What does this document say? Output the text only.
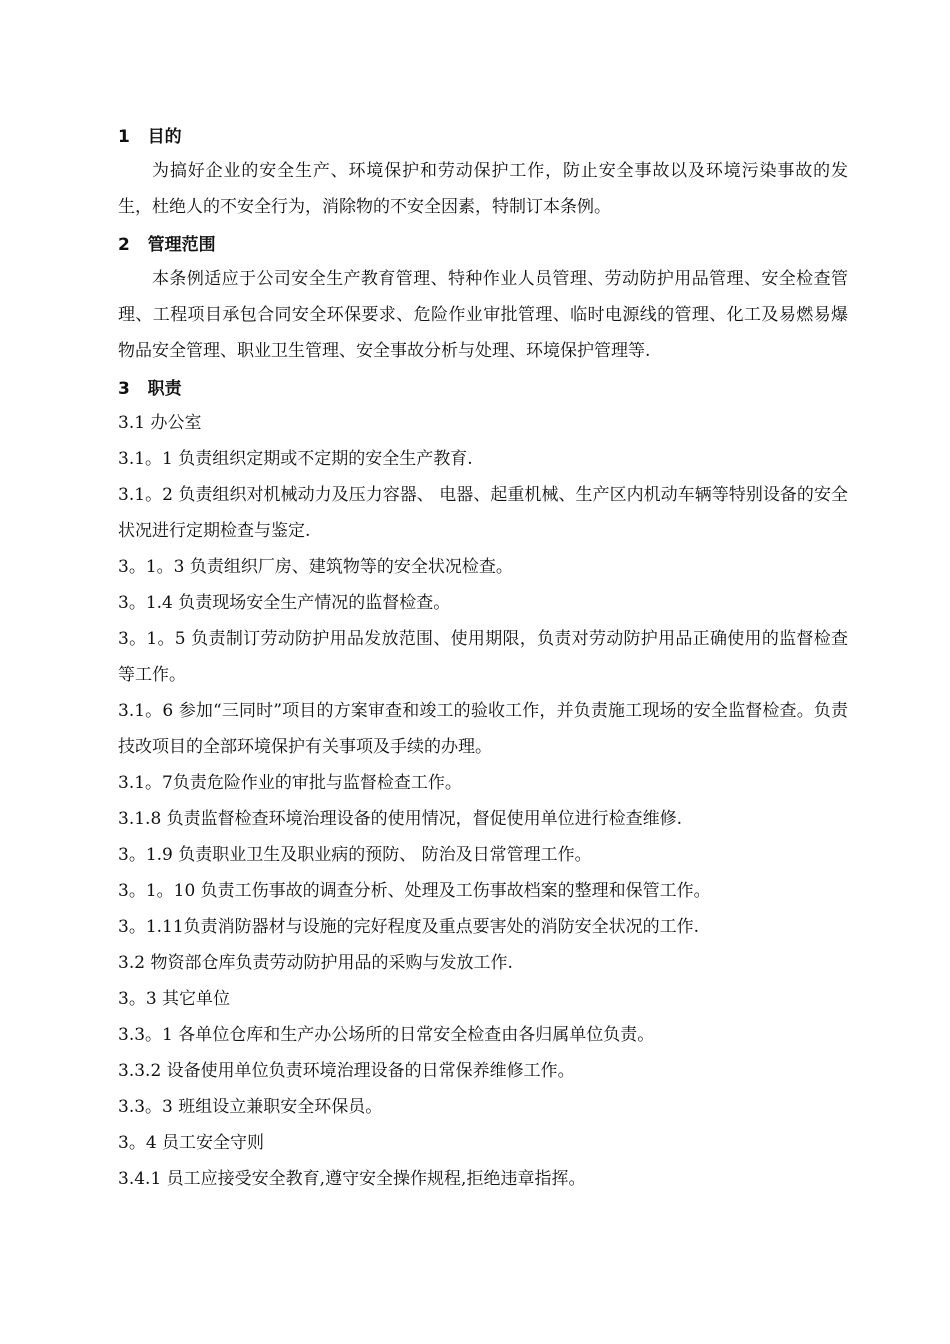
1   目的

为搞好企业的安全生产、环境保护和劳动保护工作，防止安全事故以及环境污染事故的发生，杜绝人的不安全行为，消除物的不安全因素，特制订本条例。

2   管理范围

本条例适应于公司安全生产教育管理、特种作业人员管理、劳动防护用品管理、安全检查管理、工程项目承包合同安全环保要求、危险作业审批管理、临时电源线的管理、化工及易燃易爆物品安全管理、职业卫生管理、安全事故分析与处理、环境保护管理等.

3   职责

3.1 办公室

3.1。1 负责组织定期或不定期的安全生产教育.

3.1。2 负责组织对机械动力及压力容器、 电器、起重机械、生产区内机动车辆等特别设备的安全状况进行定期检查与鉴定.

3。1。3 负责组织厂房、建筑物等的安全状况检查。

3。1.4 负责现场安全生产情况的监督检查。

3。1。5 负责制订劳动防护用品发放范围、使用期限，负责对劳动防护用品正确使用的监督检查等工作。

3.1。6 参加“三同时”项目的方案审查和竣工的验收工作，并负责施工现场的安全监督检查。负责技改项目的全部环境保护有关事项及手续的办理。

3.1。7负责危险作业的审批与监督检查工作。

3.1.8 负责监督检查环境治理设备的使用情况，督促使用单位进行检查维修.

3。1.9 负责职业卫生及职业病的预防、 防治及日常管理工作。

3。1。10 负责工伤事故的调查分析、处理及工伤事故档案的整理和保管工作。

3。1.11负责消防器材与设施的完好程度及重点要害处的消防安全状况的工作.

3.2 物资部仓库负责劳动防护用品的采购与发放工作.

3。3 其它单位

3.3。1 各单位仓库和生产办公场所的日常安全检查由各归属单位负责。

3.3.2 设备使用单位负责环境治理设备的日常保养维修工作。

3.3。3 班组设立兼职安全环保员。

3。4 员工安全守则

3.4.1 员工应接受安全教育,遵守安全操作规程,拒绝违章指挥。
